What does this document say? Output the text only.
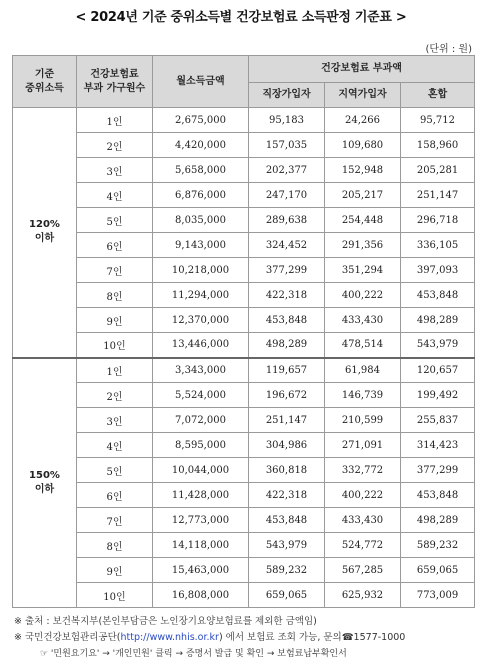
< 2024년 기준 중위소득별 건강보험료 소득판정 기준표 >
(단위 : 원)
기준
중위소득	건강보험료
부과 가구원수	월소득금액	건강보험료 부과액		
			직장가입자	지역가입자	혼합
120%
이하	1인	2,675,000	95,183	24,266	95,712
	2인	4,420,000	157,035	109,680	158,960
	3인	5,658,000	202,377	152,948	205,281
	4인	6,876,000	247,170	205,217	251,147
	5인	8,035,000	289,638	254,448	296,718
	6인	9,143,000	324,452	291,356	336,105
	7인	10,218,000	377,299	351,294	397,093
	8인	11,294,000	422,318	400,222	453,848
	9인	12,370,000	453,848	433,430	498,289
	10인	13,446,000	498,289	478,514	543,979
150%
이하	1인	3,343,000	119,657	61,984	120,657
	2인	5,524,000	196,672	146,739	199,492
	3인	7,072,000	251,147	210,599	255,837
	4인	8,595,000	304,986	271,091	314,423
	5인	10,044,000	360,818	332,772	377,299
	6인	11,428,000	422,318	400,222	453,848
	7인	12,773,000	453,848	433,430	498,289
	8인	14,118,000	543,979	524,772	589,232
	9인	15,463,000	589,232	567,285	659,065
	10인	16,808,000	659,065	625,932	773,009
※ 출처 : 보건복지부(본인부담금은 노인장기요양보험료를 제외한 금액임)
※ 국민건강보험관리공단(http://www.nhis.or.kr) 에서 보험료 조회 가능, 문의☎1577-1000
☞ '민원요기요' → '개인민원' 클릭 → 증명서 발급 및 확인 → 보험료납부확인서
